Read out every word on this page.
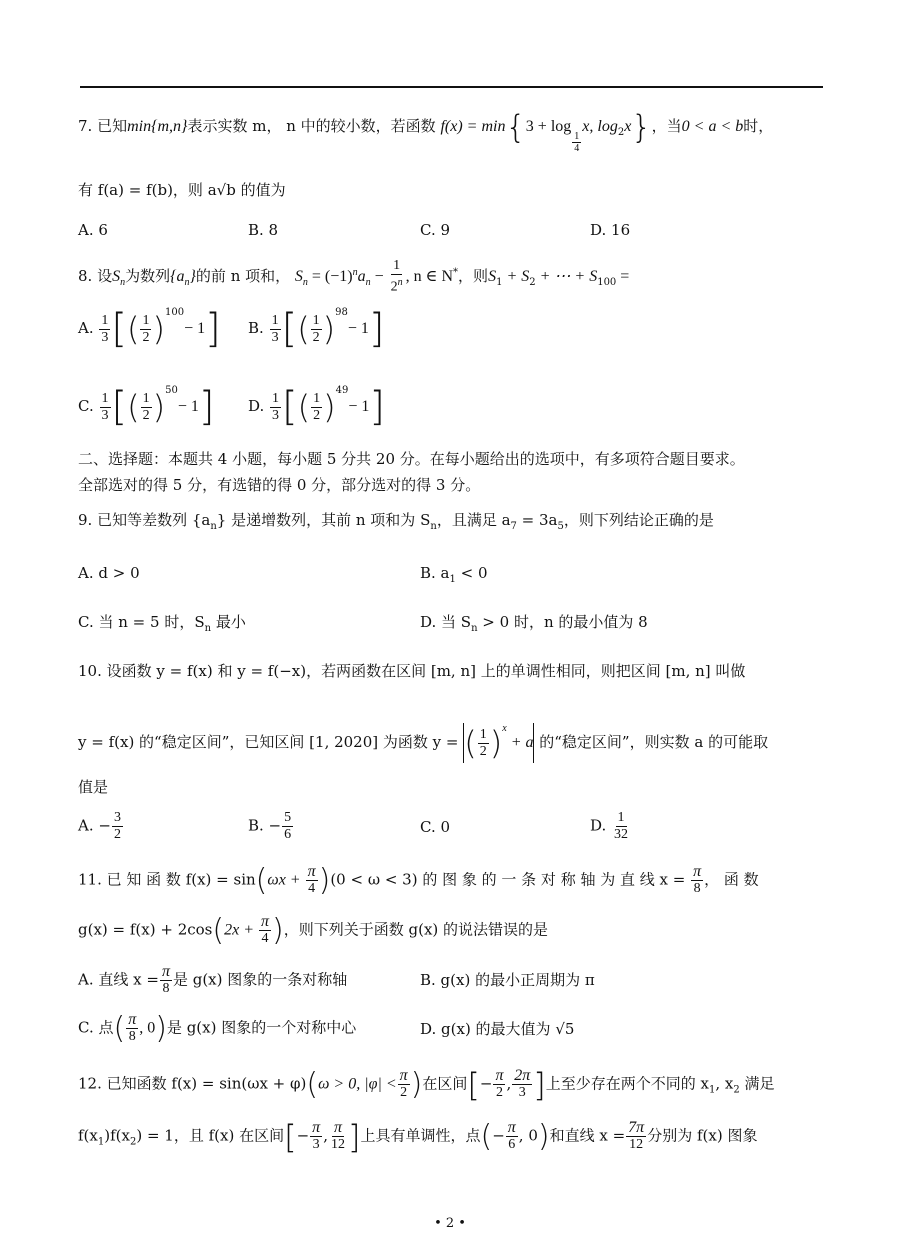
7. 已知min{m,n}表示实数 m， n 中的较小数，若函数 f(x) = min{3 + log
$\frac{1}{4}$
x, $\log_2x$}，当0 < a < b时，
有 f(a) = f(b)，则 a√b 的值为
A. 6	B. 8	C. 9	D. 16
8. 设$S_n$为数列$\{a_n\}$的前 n 项和， $S_n = (-1)^na_n - \frac{1}{2^n}$ , n ∈ N*，则$S_1 + S_2$ + ⋯ + $S_{100}$ =
A. $\frac{1}{3}$ [( $\frac{1}{2} )^{100}- 1$] B. $\frac{1}{3}$ [( $\frac{1}{2} )^{98}- 1$]
C. $\frac{1}{3}$ [( $\frac{1}{2} )^{50}- 1$] D. $\frac{1}{3}$ [( $\frac{1}{2} )^{49}- 1$]
二、选择题：本题共 4 小题，每小题 5 分共 20 分。在每小题给出的选项中，有多项符合题目要求。
全部选对的得 5 分，有选错的得 0 分，部分选对的得 3 分。
9. 已知等差数列 $\{a_n\}$ 是递增数列，其前 n 项和为 $S_n$，且满足 $a_7 = 3a_5$，则下列结论正确的是
A. d > 0	B. $a_1 < 0$
C. 当 n = 5 时，$S_n$ 最小	D. 当 $S_n > 0$ 时，n 的最小值为 8
10. 设函数 y = f(x) 和 y = f(−x)，若两函数在区间 [m, n] 上的单调性相同，则把区间 [m, n] 叫做
y = f(x) 的“稳定区间”，已知区间 [1, 2020] 为函数 y = ( $\frac{1}{2} )^x + a$ 的“稳定区间”，则实数 a 的可能取
值是
A. − $\frac{3}{2}$	B. − $\frac{5}{6}$	C. 0	D. $\frac{1}{32}$
11. 已 知 函 数 $f(x) = \sin(\omega x + \frac{\pi}{4} )(0 < \omega < 3)$ 的 图 象 的 一 条 对 称 轴 为 直 线 $x = \frac{\pi}{8}$ ， 函 数
$g(x) = f(x) + 2\cos(2x + \frac{\pi}{4}$ )，则下列关于函数 g(x) 的说法错误的是
A. 直线 $x = \frac{\pi}{8}$ 是 g(x) 图象的一条对称轴	B. g(x) 的最小正周期为 π
C. 点( $\frac{\pi}{8}$ , 0)是 g(x) 图象的一个对称中心	D. g(x) 的最大值为 √5
12. 已知函数 f(x) = sin(ωx + φ)(ω > 0, $|\varphi| < \frac{\pi}{2}$ )在区间[− $\frac{\pi}{2}$ , $\frac{2\pi}{3}$ ]上至少存在两个不同的 $x_1$, $x_2$ 满足
$f(x_1)f(x_2) = 1$，且 f(x) 在区间[− $\frac{\pi}{3}$ , $\frac{\pi}{12}$ ]上具有单调性，点(− $\frac{\pi}{6}$ , 0)和直线 $x = \frac{7\pi}{12}$ 分别为 f(x) 图象
• 2 •
